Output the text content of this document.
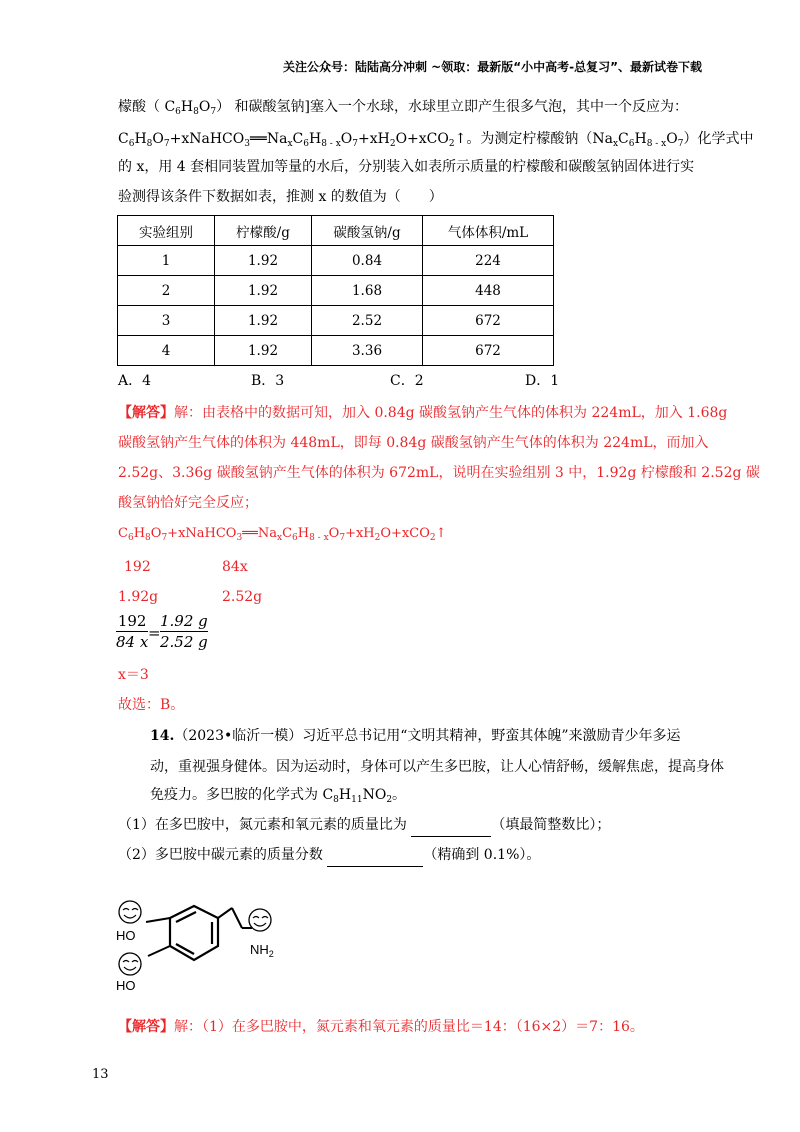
关注公众号：陆陆高分冲刺 ~领取：最新版“小中高考-总复习”、最新试卷下载
檬酸（ $C_6H_8O_7$） 和碳酸氢钠]塞入一个水球，水球里立即产生很多气泡，其中一个反应为：
$C_6H_8O_7+xNaHCO_3══Na_xC_6H_{8 - x}O_7+xH_2O+xCO_2↑$。为测定柠檬酸钠$(Na_xC_6H_{8 - x}O_7)$化学式中
的 x，用 4 套相同装置加等量的水后，分别装入如表所示质量的柠檬酸和碳酸氢钠固体进行实
验测得该条件下数据如表，推测 x 的数值为（　　）
实验组别	柠檬酸/g	碳酸氢钠/g	气体体积/mL
1	1.92	0.84	224
2	1.92	1.68	448
3	1.92	2.52	672
4	1.92	3.36	672
A．4	B．3	C．2	D．1
【解答】解：由表格中的数据可知，加入 0.84g 碳酸氢钠产生气体的体积为 224mL，加入 1.68g
碳酸氢钠产生气体的体积为 448mL，即每 0.84g 碳酸氢钠产生气体的体积为 224mL，而加入
2.52g、3.36g 碳酸氢钠产生气体的体积为 672mL，说明在实验组别 3 中，1.92g 柠檬酸和 2.52g 碳
酸氢钠恰好完全反应；
$C_6H_8O_7+xNaHCO_3══Na_xC_6H_{8 - x}O_7+xH_2O+xCO_2↑$
192	84x
1.92g	2.52g
192
84 x =
1.92 g
2.52 g
x＝3
故选：B。
14.（2023•临沂一模）习近平总书记用“文明其精神，野蛮其体魄”来激励青少年多运
动，重视强身健体。因为运动时，身体可以产生多巴胺，让人心情舒畅，缓解焦虑，提高身体
免疫力。多巴胺的化学式为 $C_8H_{11}NO_2$。
（1）在多巴胺中，氮元素和氧元素的质量比为	（填最简整数比）；
（2）多巴胺中碳元素的质量分数	（精确到 0.1%）。
HO
HO
$NH_2$
【解答】解：（1）在多巴胺中，氮元素和氧元素的质量比＝14：（16×2）＝7：16。
13
